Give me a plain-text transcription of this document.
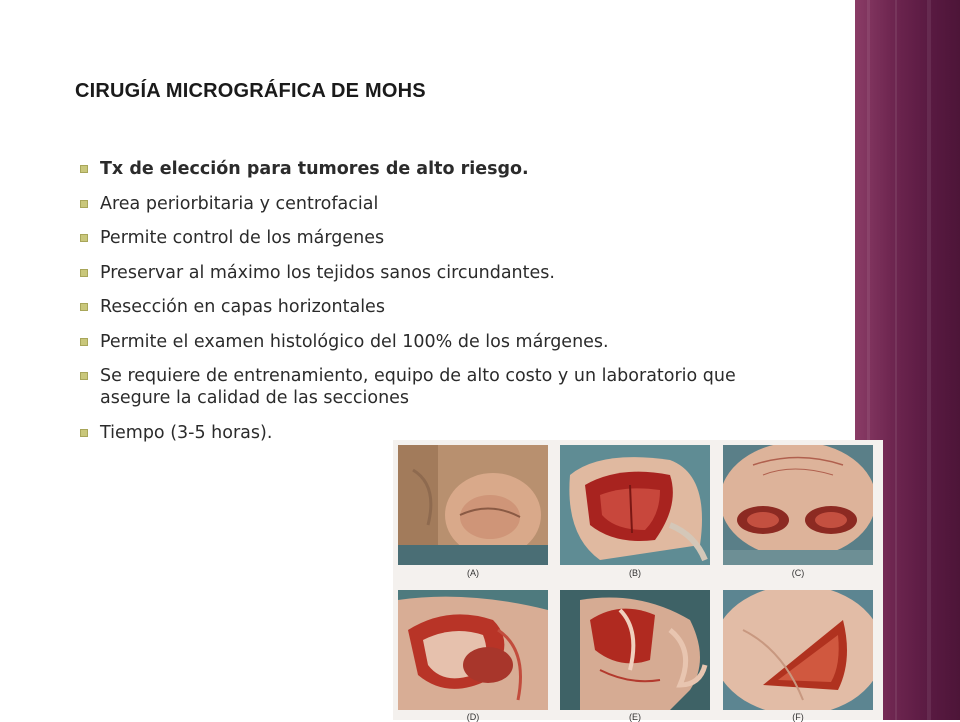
CIRUGÍA MICROGRÁFICA DE MOHS
Tx de elección para tumores de alto riesgo.
Area periorbitaria y centrofacial
Permite control de los márgenes
Preservar al máximo los tejidos sanos circundantes.
Resección en capas horizontales
Permite el examen histológico del 100% de los márgenes.
Se requiere de entrenamiento, equipo de alto costo y un laboratorio que asegure la calidad de las secciones
Tiempo (3-5 horas).
(A)	(B)	(C)
(D)	(E)	(F)
